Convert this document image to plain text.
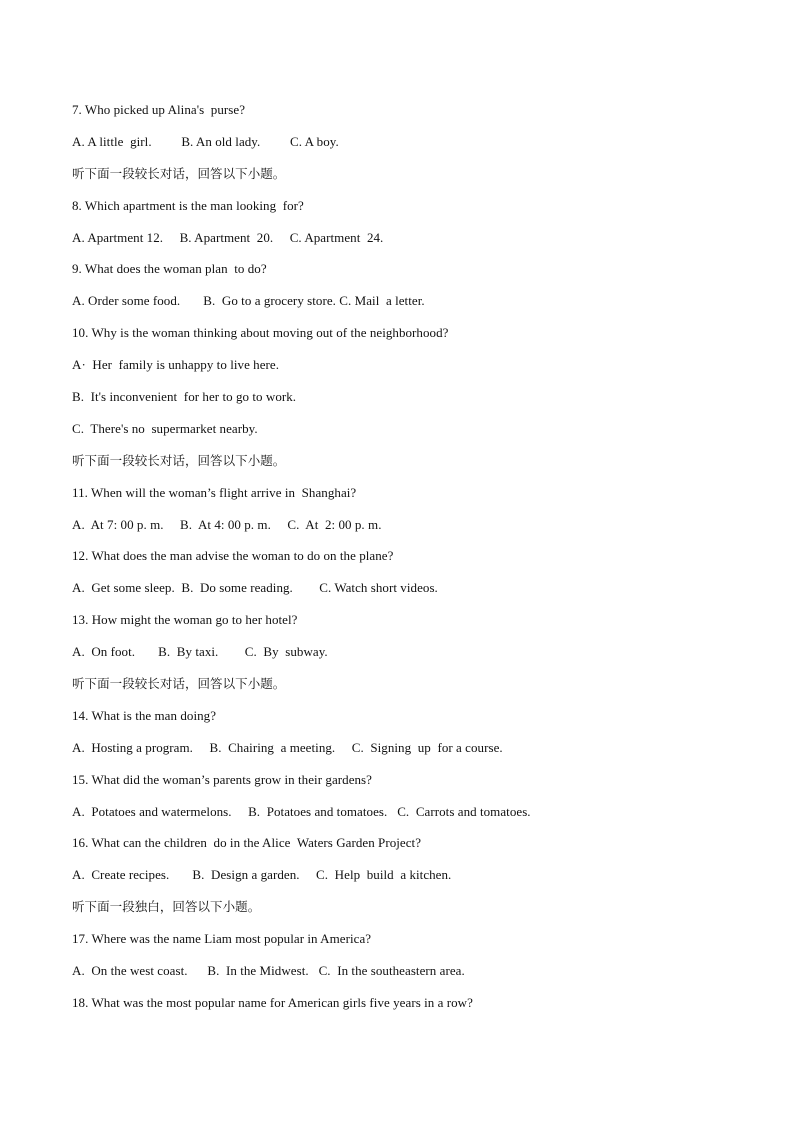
7. Who picked up Alina's  purse?
A. A little  girl.         B. An old lady.         C. A boy.
听下面一段较长对话，回答以下小题。
8. Which apartment is the man looking  for?
A. Apartment 12.     B. Apartment  20.     C. Apartment  24.
9. What does the woman plan  to do?
A. Order some food.       B.  Go to a grocery store. C. Mail  a letter.
10. Why is the woman thinking about moving out of the neighborhood?
A·  Her  family is unhappy to live here.
B.  It's inconvenient  for her to go to work.
C.  There's no  supermarket nearby.
听下面一段较长对话，回答以下小题。
11. When will the woman’s flight arrive in  Shanghai?
A.  At 7: 00 p. m.     B.  At 4: 00 p. m.     C.  At  2: 00 p. m.
12. What does the man advise the woman to do on the plane?
A.  Get some sleep.  B.  Do some reading.        C. Watch short videos.
13. How might the woman go to her hotel?
A.  On foot.       B.  By taxi.        C.  By  subway.
听下面一段较长对话，回答以下小题。
14. What is the man doing?
A.  Hosting a program.     B.  Chairing  a meeting.     C.  Signing  up  for a course.
15. What did the woman’s parents grow in their gardens?
A.  Potatoes and watermelons.     B.  Potatoes and tomatoes.   C.  Carrots and tomatoes.
16. What can the children  do in the Alice  Waters Garden Project?
A.  Create recipes.       B.  Design a garden.     C.  Help  build  a kitchen.
听下面一段独白，回答以下小题。
17. Where was the name Liam most popular in America?
A.  On the west coast.      B.  In the Midwest.   C.  In the southeastern area.
18. What was the most popular name for American girls five years in a row?
